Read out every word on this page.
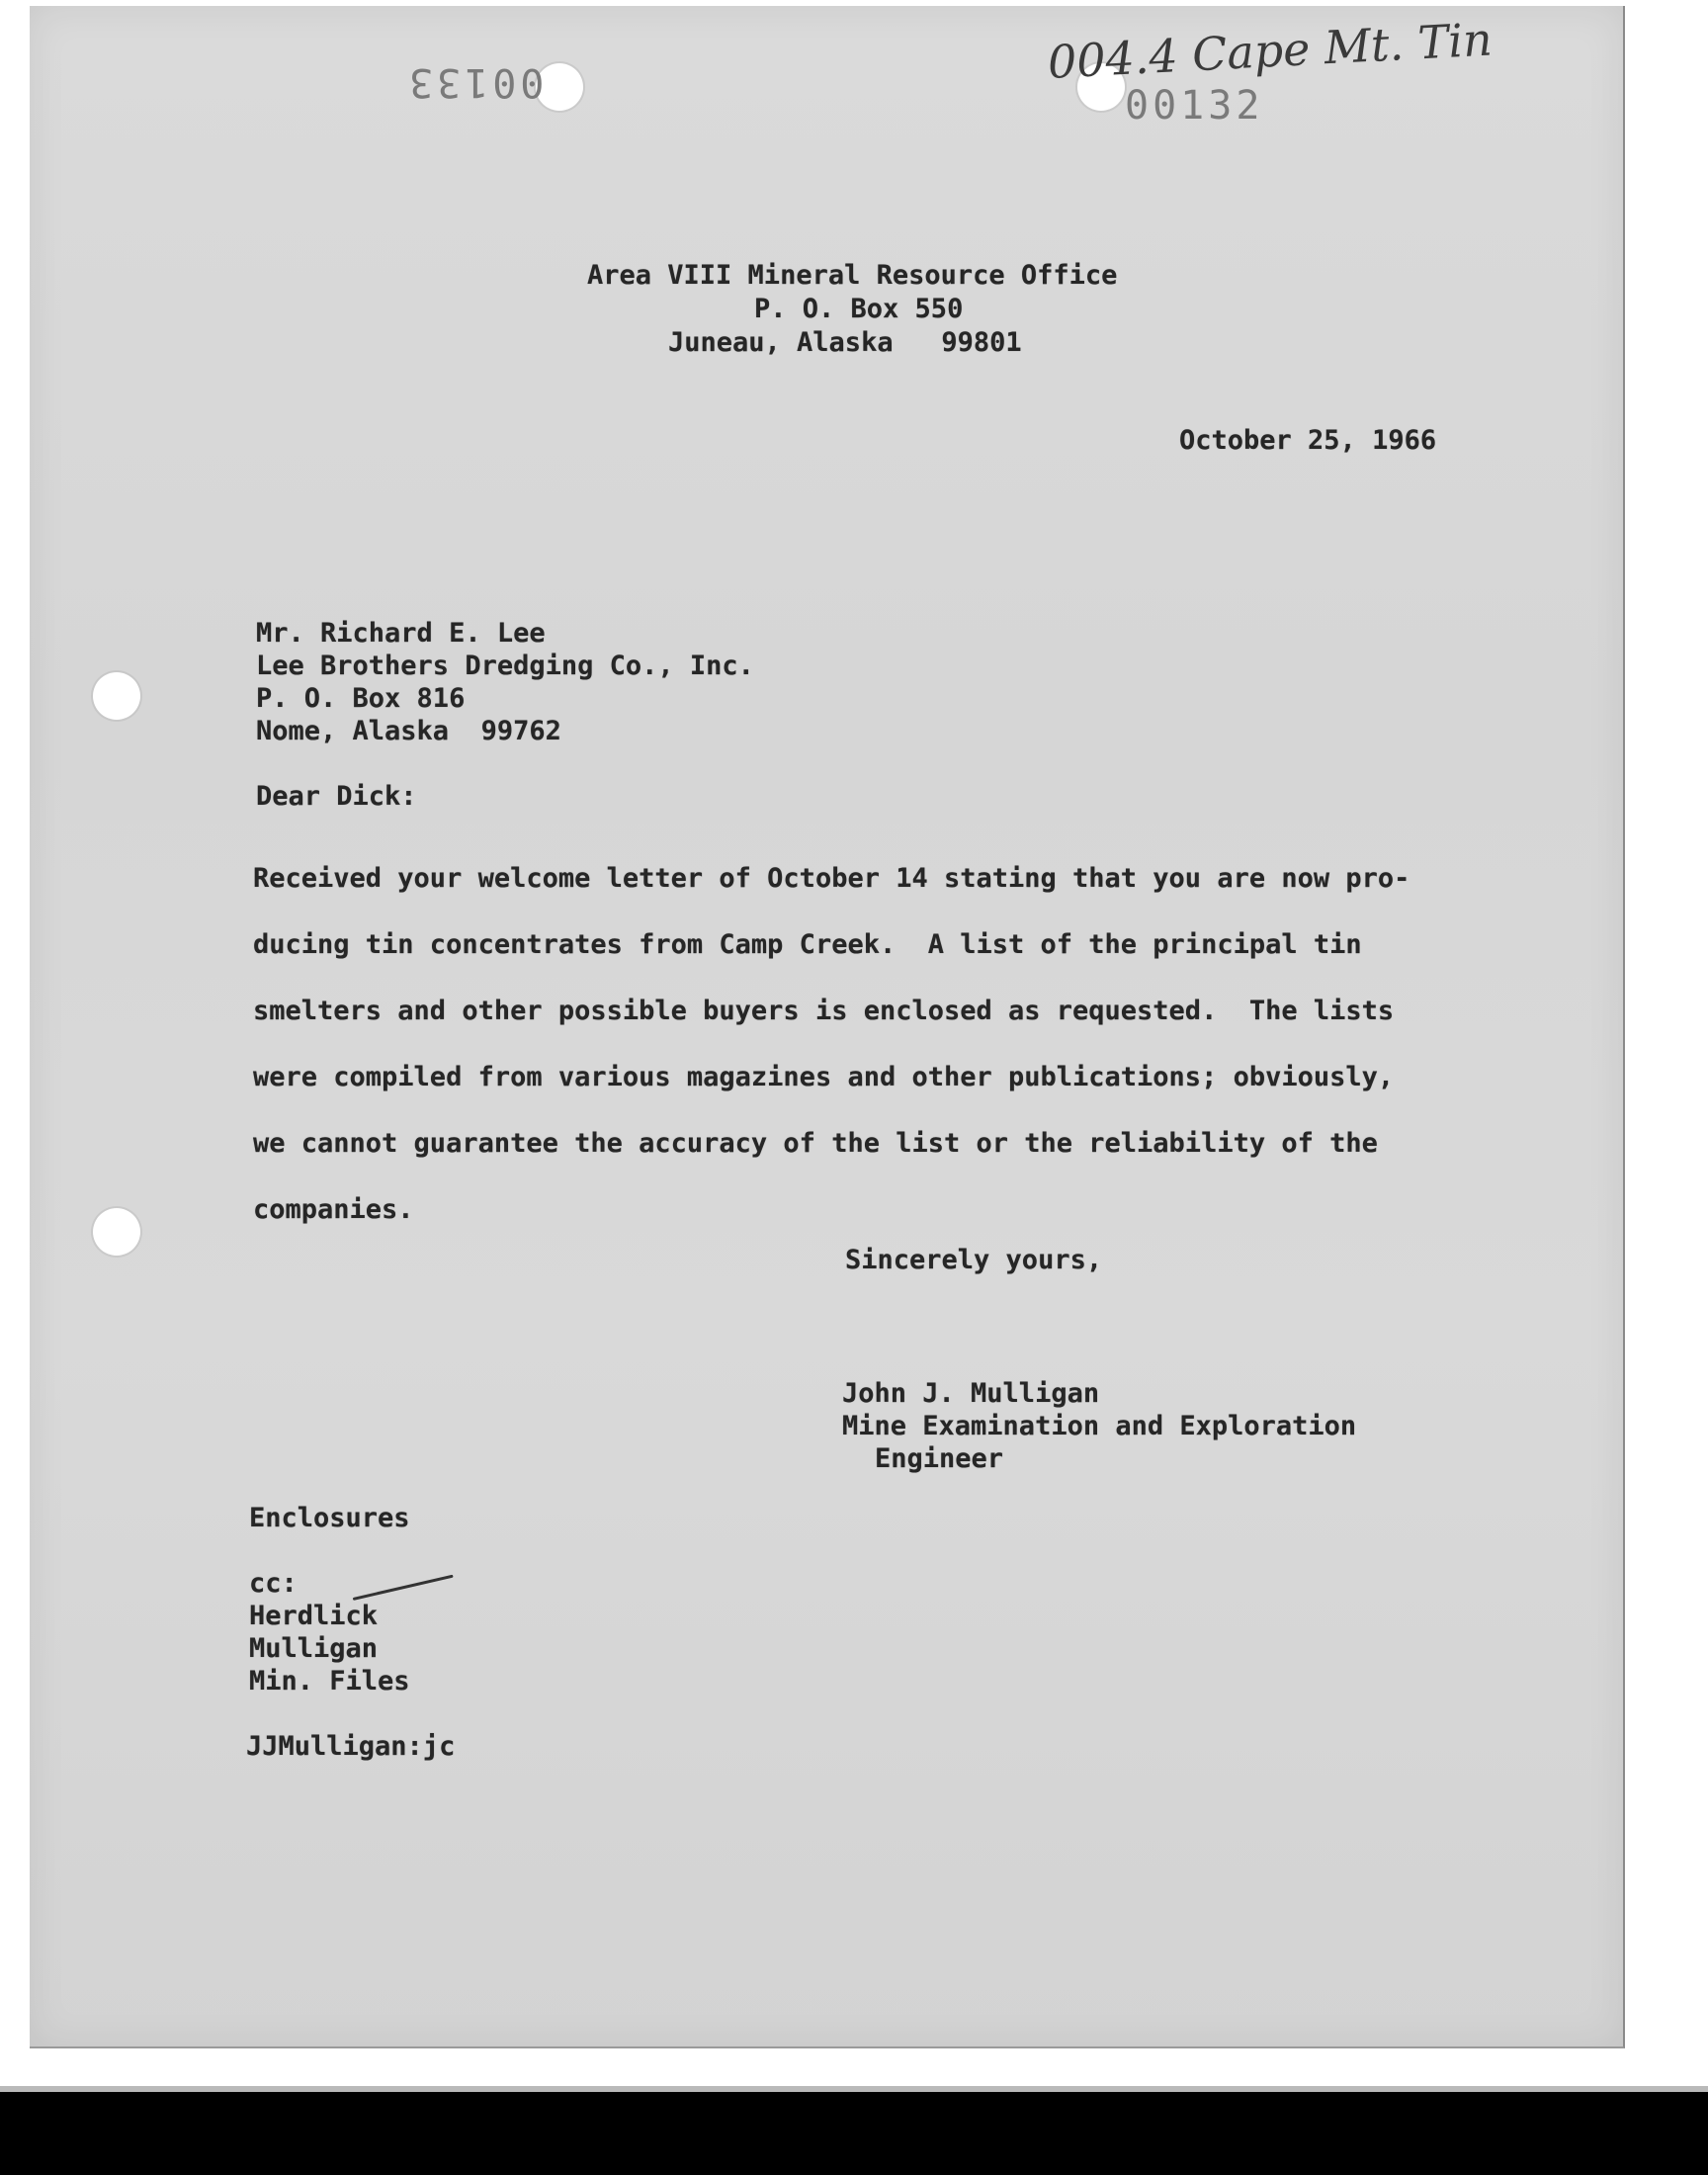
00133
00132
004.4 Cape Mt. Tin
Area VIII Mineral Resource Office
P. O. Box 550
Juneau, Alaska   99801
October 25, 1966
Mr. Richard E. Lee
Lee Brothers Dredging Co., Inc.
P. O. Box 816
Nome, Alaska  99762
Dear Dick:
Received your welcome letter of October 14 stating that you are now pro-
ducing tin concentrates from Camp Creek.  A list of the principal tin
smelters and other possible buyers is enclosed as requested.  The lists
were compiled from various magazines and other publications; obviously,
we cannot guarantee the accuracy of the list or the reliability of the
companies.
Sincerely yours,
John J. Mulligan
Mine Examination and Exploration
Engineer
Enclosures
cc:
Herdlick
Mulligan
Min. Files
JJMulligan:jc
